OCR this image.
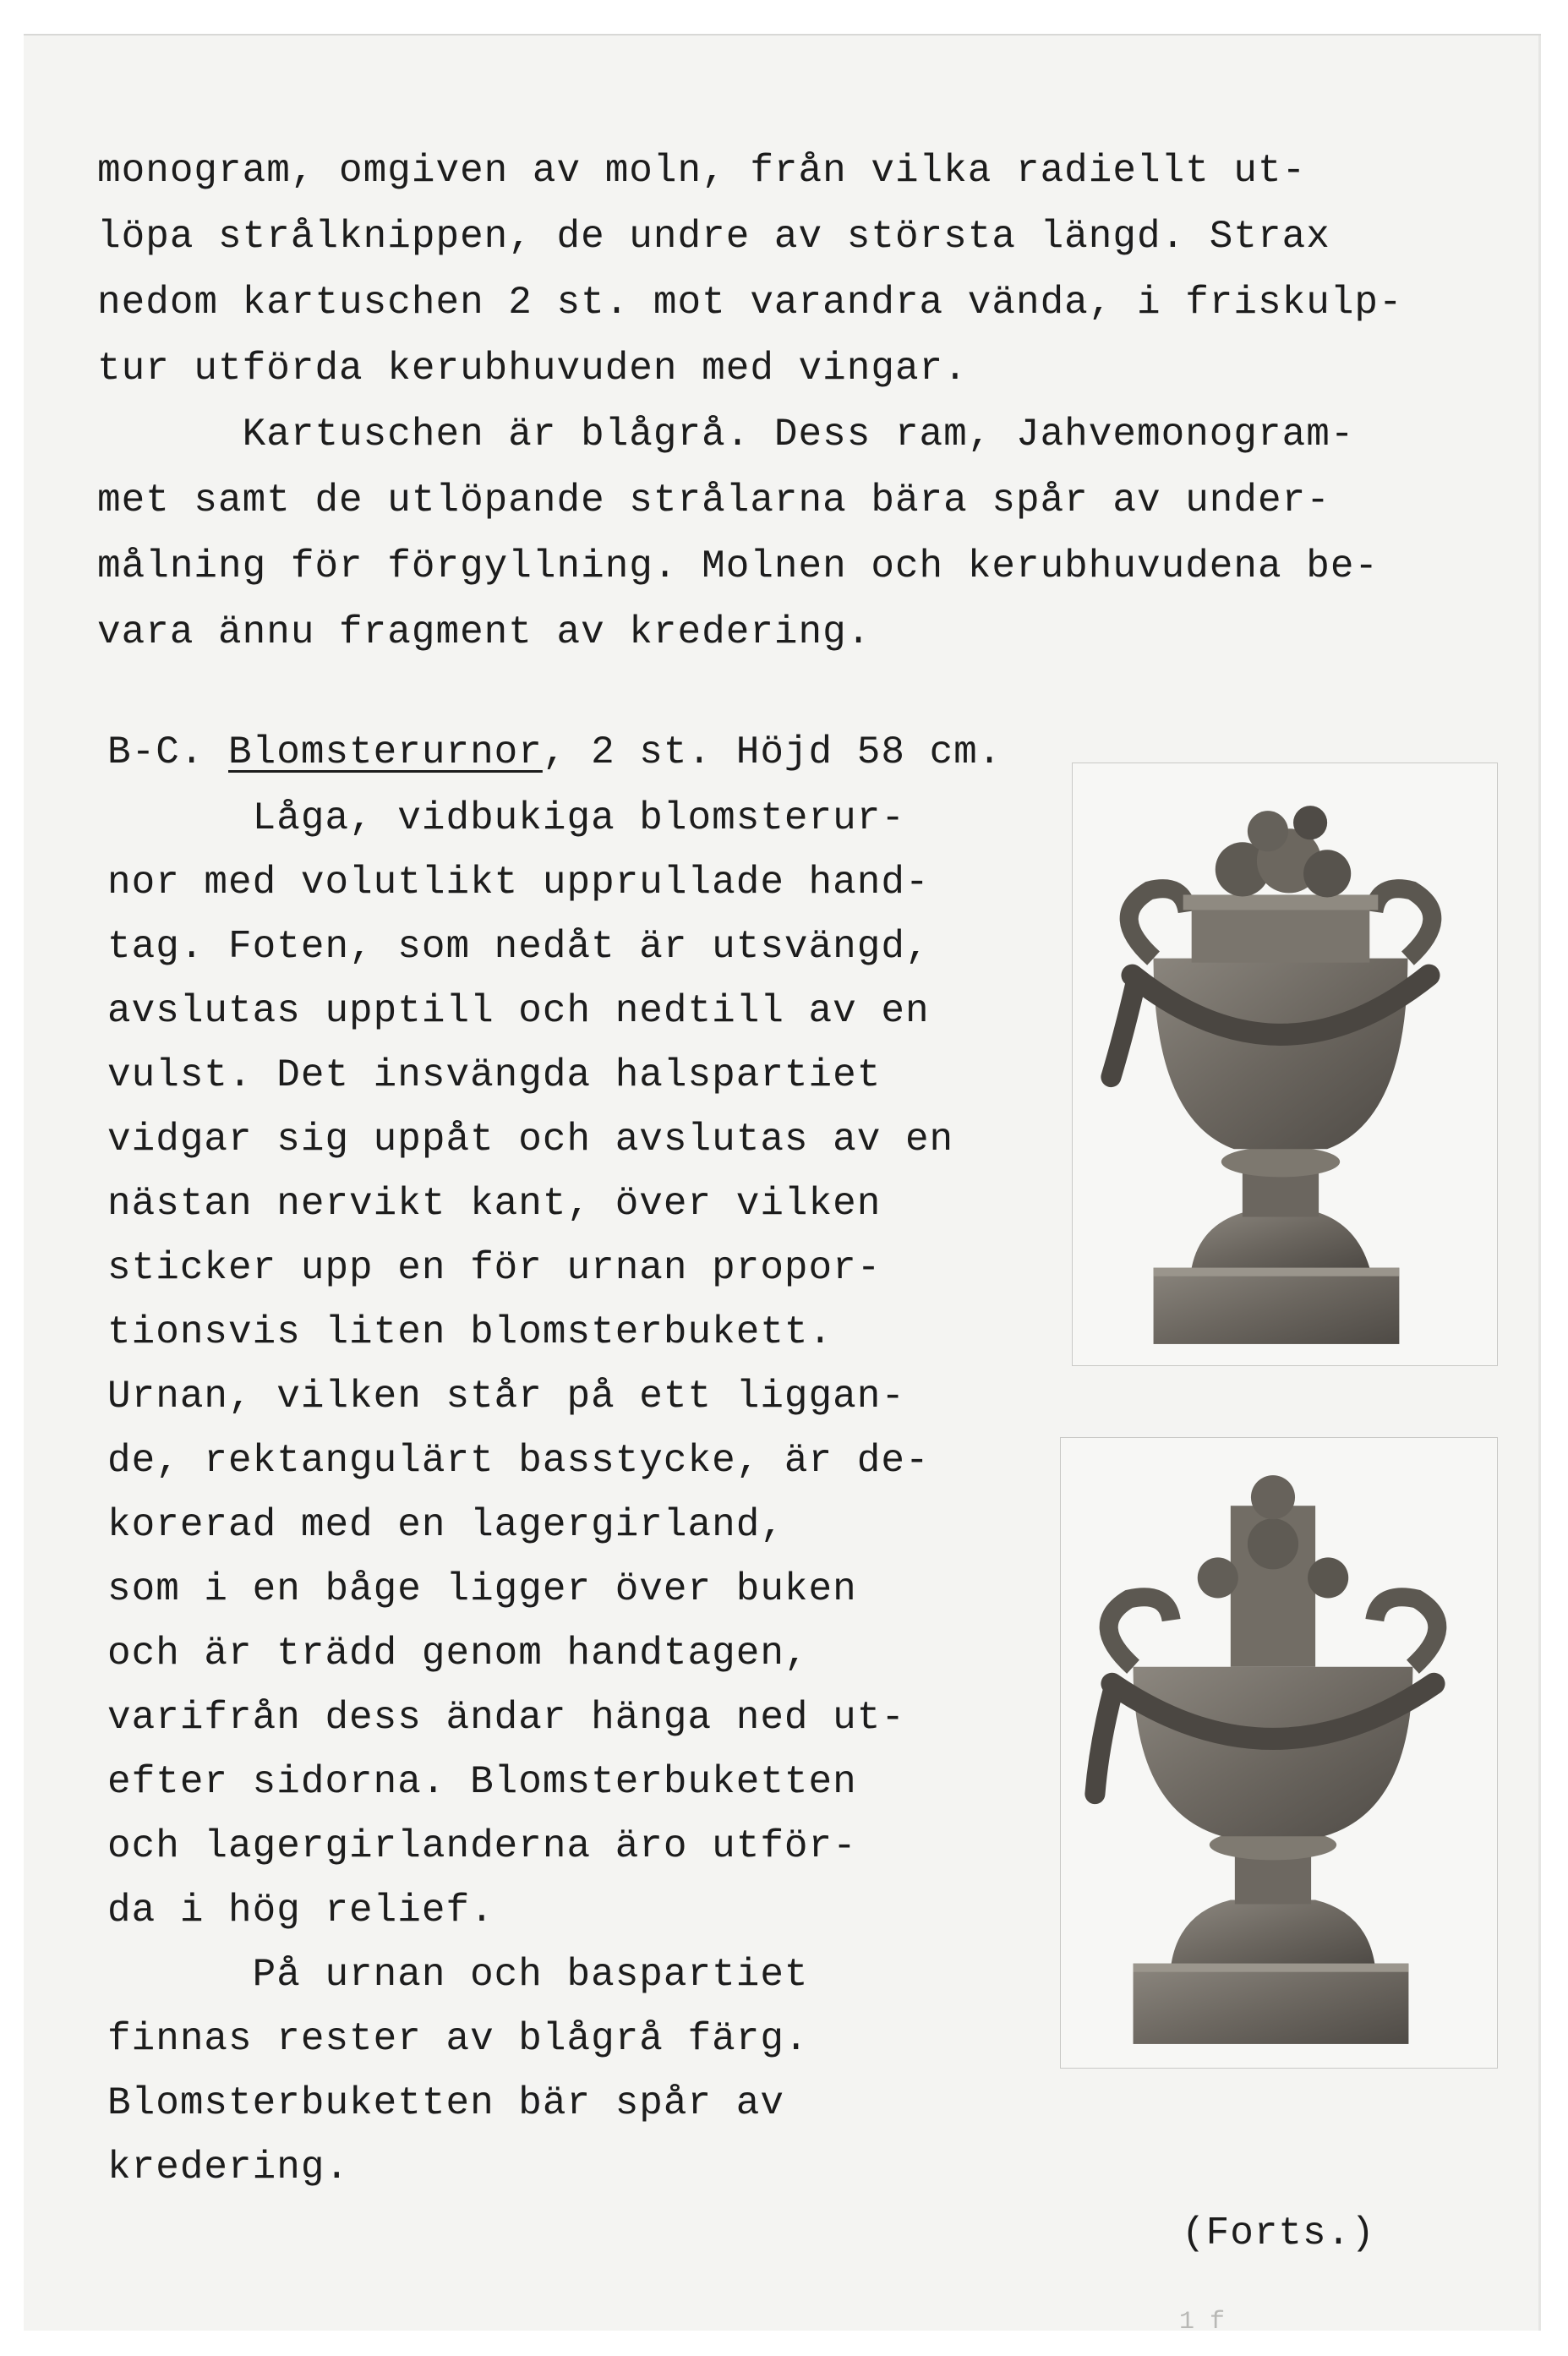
monogram, omgiven av moln, från vilka radiellt ut-
löpa strålknippen, de undre av största längd. Strax
nedom kartuschen 2 st. mot varandra vända, i friskulp-
tur utförda kerubhuvuden med vingar.
Kartuschen är blågrå. Dess ram, Jahvemonogram-
met samt de utlöpande strålarna bära spår av under-
målning för förgyllning. Molnen och kerubhuvudena be-
vara ännu fragment av kredering.
B-C. Blomsterurnor, 2 st. Höjd 58 cm.
Låga, vidbukiga blomsterur-
nor med volutlikt upprullade hand-
tag. Foten, som nedåt är utsvängd,
avslutas upptill och nedtill av en
vulst. Det insvängda halspartiet
vidgar sig uppåt och avslutas av en
nästan nervikt kant, över vilken
sticker upp en för urnan propor-
tionsvis liten blomsterbukett.
Urnan, vilken står på ett liggan-
de, rektangulärt basstycke, är de-
korerad med en lagergirland,
som i en båge ligger över buken
och är trädd genom handtagen,
varifrån dess ändar hänga ned ut-
efter sidorna. Blomsterbuketten
och lagergirlanderna äro utför-
da i hög relief.
På urnan och baspartiet
finnas rester av blågrå färg.
Blomsterbuketten bär spår av
kredering.
(Forts.)
1 f
